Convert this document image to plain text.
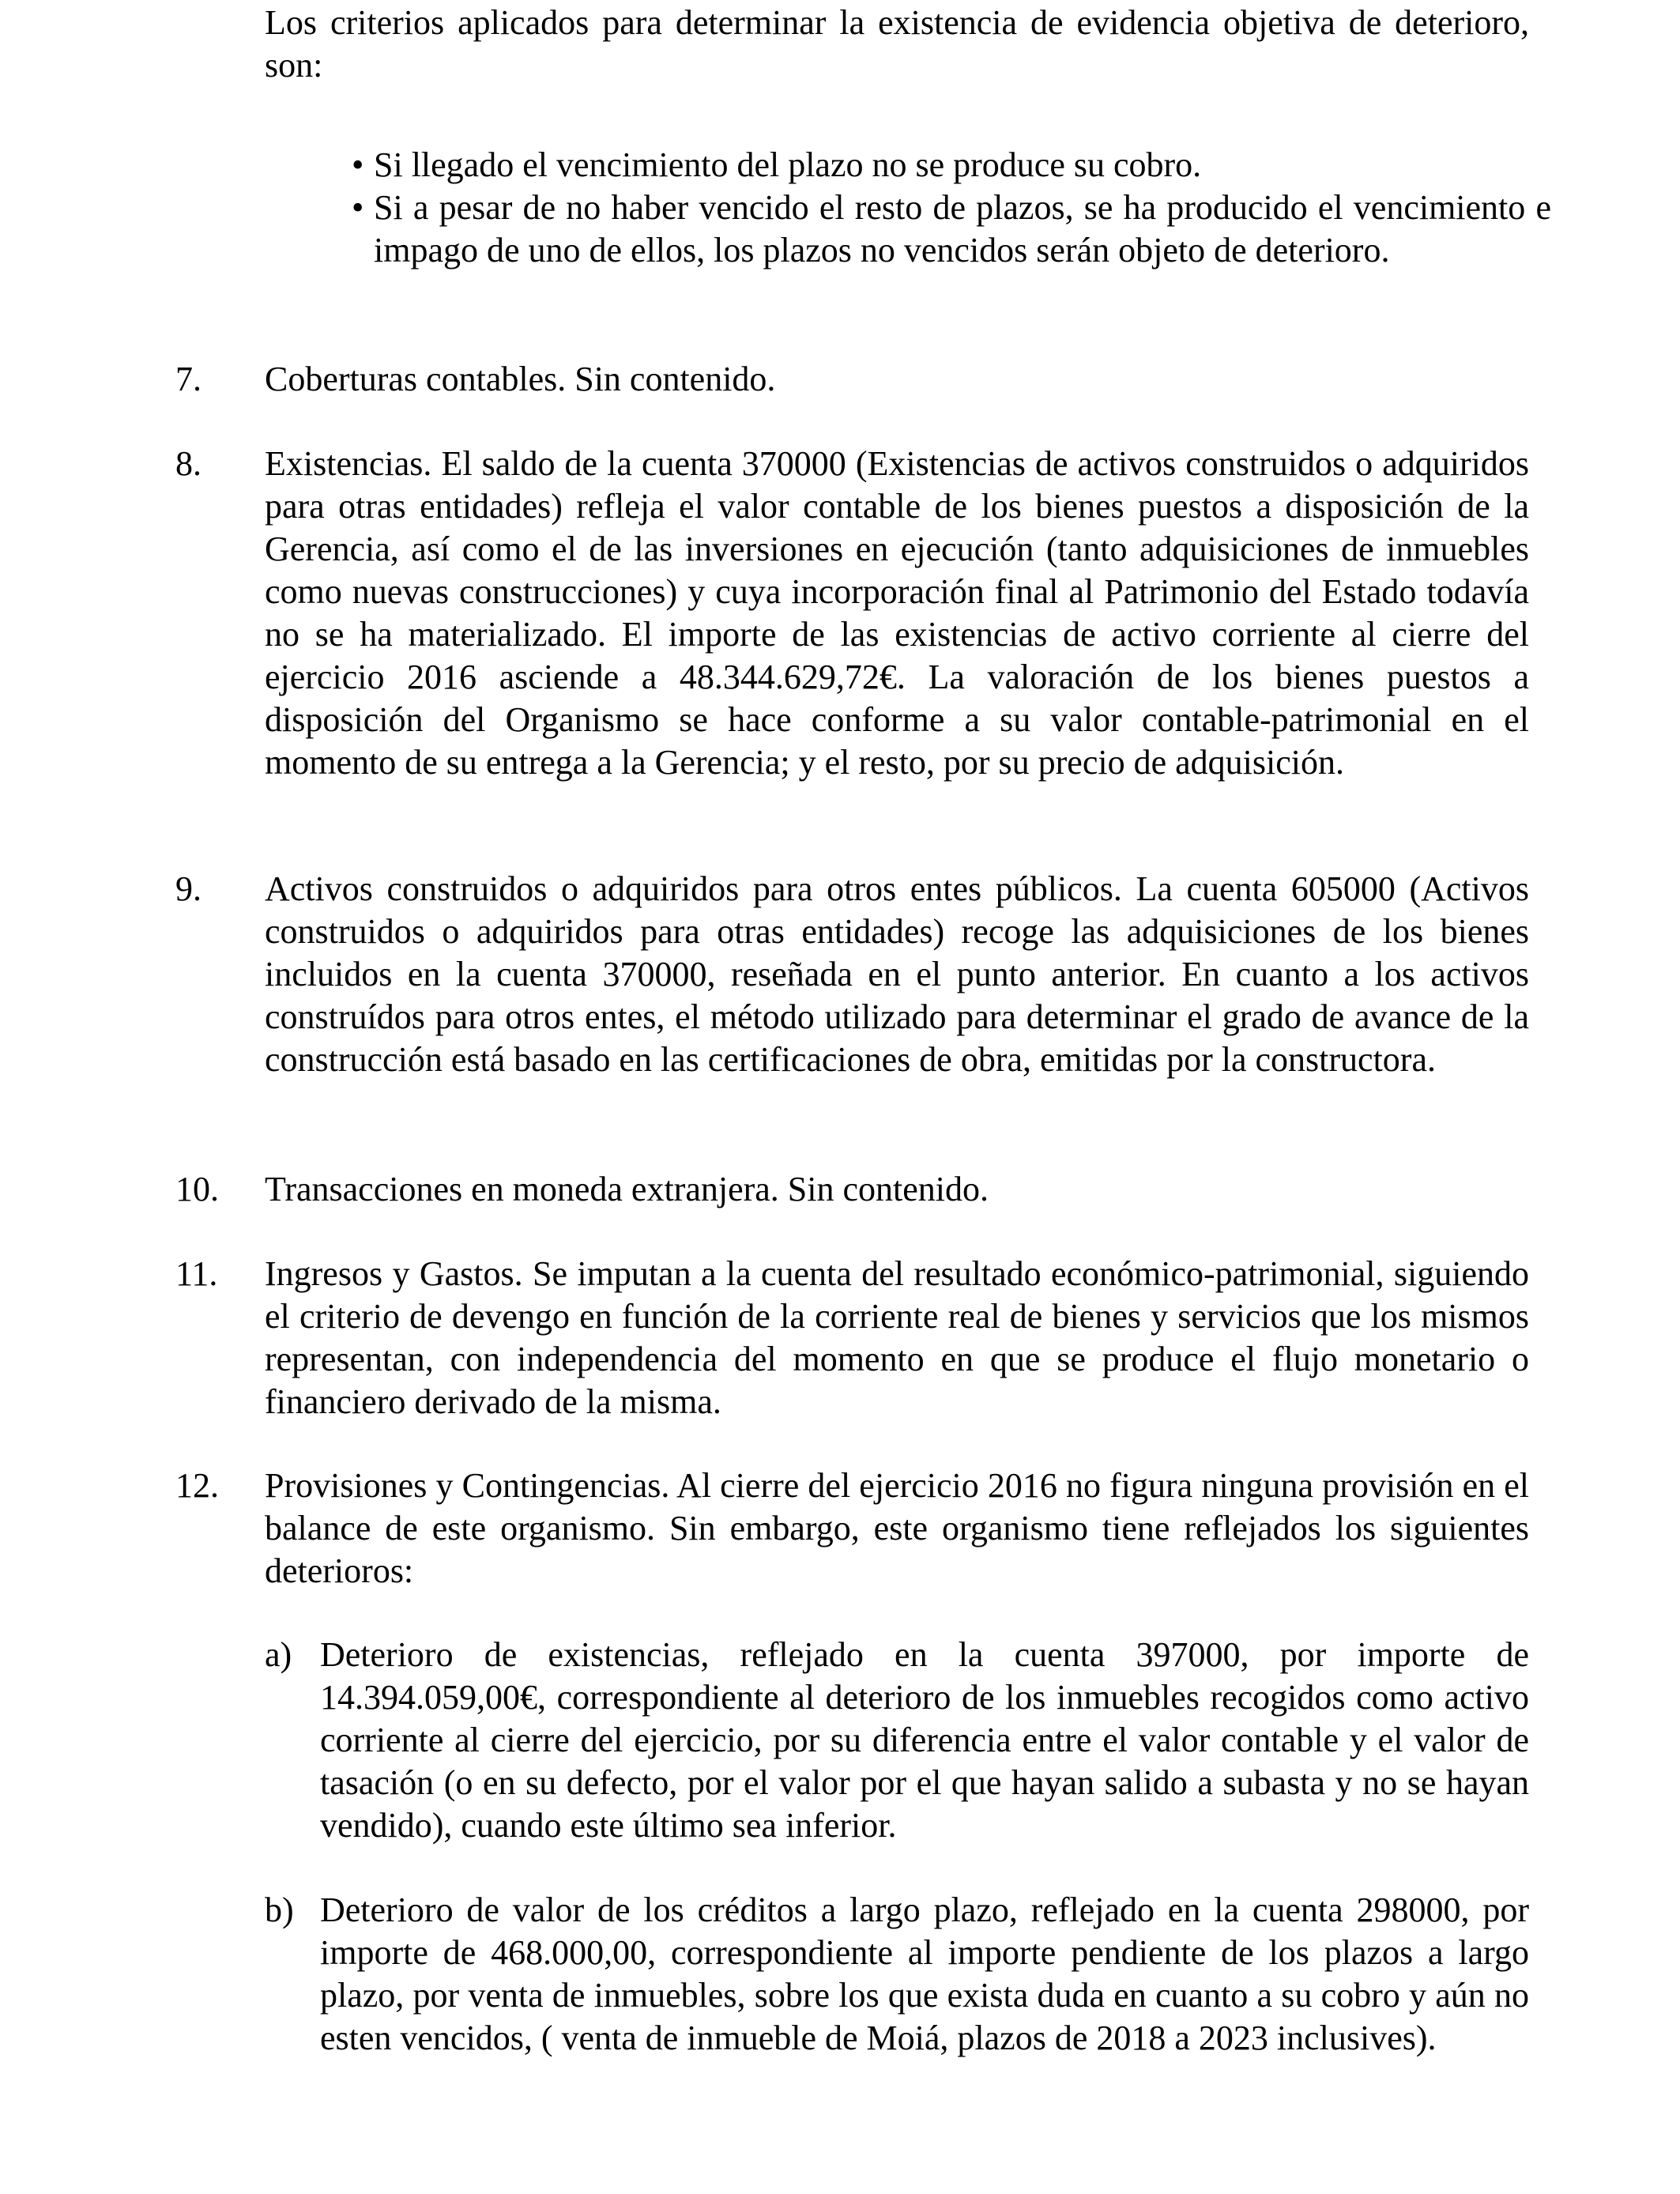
Los criterios aplicados para determinar la existencia de evidencia objetiva de deterioro, son:

• Si llegado el vencimiento del plazo no se produce su cobro.
• Si a pesar de no haber vencido el resto de plazos, se ha producido el vencimiento e impago de uno de ellos, los plazos no vencidos serán objeto de deterioro.
7. Coberturas contables. Sin contenido.

8. Existencias. El saldo de la cuenta 370000 (Existencias de activos construidos o adquiridos para otras entidades) refleja el valor contable de los bienes puestos a disposición de la Gerencia, así como el de las inversiones en ejecución (tanto adquisiciones de inmuebles como nuevas construcciones) y cuya incorporación final al Patrimonio del Estado todavía no se ha materializado. El importe de las existencias de activo corriente al cierre del ejercicio 2016 asciende a 48.344.629,72€. La valoración de los bienes puestos a disposición del Organismo se hace conforme a su valor contable-patrimonial en el momento de su entrega a la Gerencia; y el resto, por su precio de adquisición.

9. Activos construidos o adquiridos para otros entes públicos. La cuenta 605000 (Activos construidos o adquiridos para otras entidades) recoge las adquisiciones de los bienes incluidos en la cuenta 370000, reseñada en el punto anterior. En cuanto a los activos construídos para otros entes, el método utilizado para determinar el grado de avance de la construcción está basado en las certificaciones de obra, emitidas por la constructora.

10. Transacciones en moneda extranjera. Sin contenido.

11. Ingresos y Gastos. Se imputan a la cuenta del resultado económico-patrimonial, siguiendo el criterio de devengo en función de la corriente real de bienes y servicios que los mismos representan, con independencia del momento en que se produce el flujo monetario o financiero derivado de la misma.

12. Provisiones y Contingencias. Al cierre del ejercicio 2016 no figura ninguna provisión en el balance de este organismo. Sin embargo, este organismo tiene reflejados los siguientes deterioros:

a) Deterioro de existencias, reflejado en la cuenta 397000, por importe de 14.394.059,00€, correspondiente al deterioro de los inmuebles recogidos como activo corriente al cierre del ejercicio, por su diferencia entre el valor contable y el valor de tasación (o en su defecto, por el valor por el que hayan salido a subasta y no se hayan vendido), cuando este último sea inferior.

b) Deterioro de valor de los créditos a largo plazo, reflejado en la cuenta 298000, por importe de 468.000,00, correspondiente al importe pendiente de los plazos a largo plazo, por venta de inmuebles, sobre los que exista duda en cuanto a su cobro y aún no esten vencidos, ( venta de inmueble de Moiá, plazos de 2018 a 2023 inclusives).
